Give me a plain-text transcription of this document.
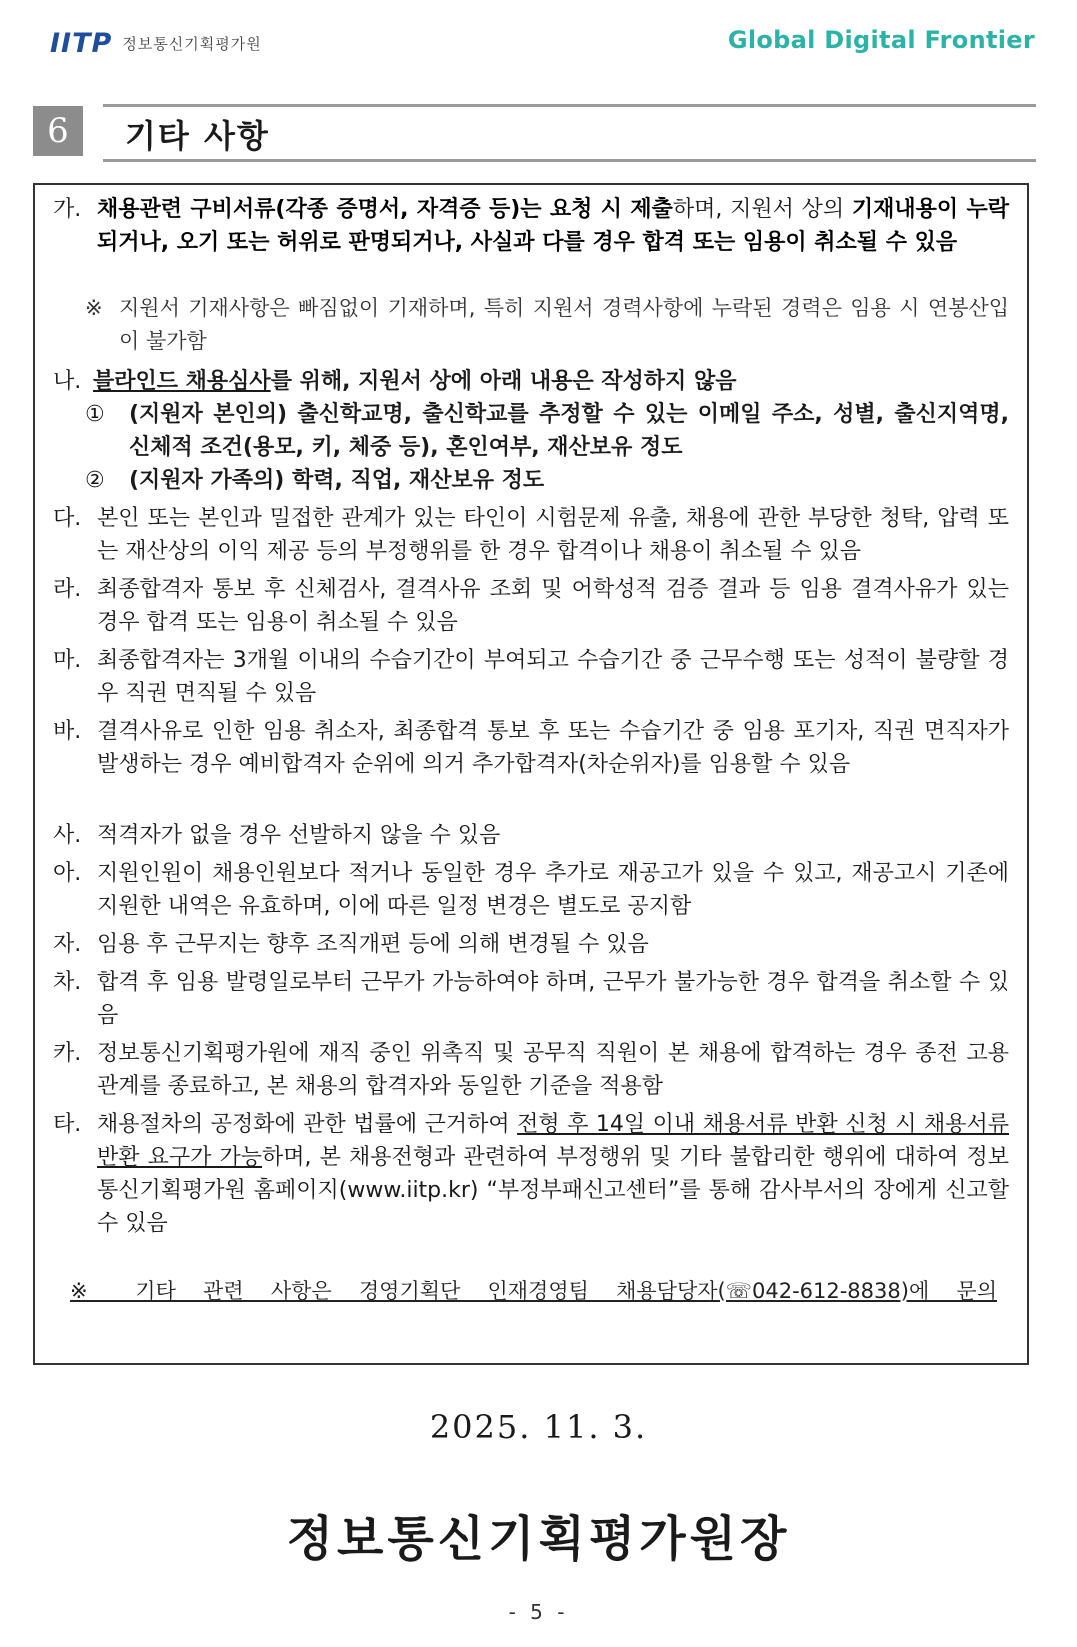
IITP 정보통신기획평가원	Global Digital Frontier
6	기타 사항
가. 채용관련 구비서류(각종 증명서, 자격증 등)는 요청 시 제출하며, 지원서 상의 기재내용이 누락되거나, 오기 또는 허위로 판명되거나, 사실과 다를 경우 합격 또는 임용이 취소될 수 있음
※ 지원서 기재사항은 빠짐없이 기재하며, 특히 지원서 경력사항에 누락된 경력은 임용 시 연봉산입이 불가함
나. 블라인드 채용심사를 위해, 지원서 상에 아래 내용은 작성하지 않음
①	(지원자 본인의) 출신학교명, 출신학교를 추정할 수 있는 이메일 주소, 성별, 출신지역명, 신체적 조건(용모, 키, 체중 등), 혼인여부, 재산보유 정도
②	(지원자 가족의) 학력, 직업, 재산보유 정도
다. 본인 또는 본인과 밀접한 관계가 있는 타인이 시험문제 유출, 채용에 관한 부당한 청탁, 압력 또는 재산상의 이익 제공 등의 부정행위를 한 경우 합격이나 채용이 취소될 수 있음
라. 최종합격자 통보 후 신체검사, 결격사유 조회 및 어학성적 검증 결과 등 임용 결격사유가 있는 경우 합격 또는 임용이 취소될 수 있음
마. 최종합격자는 3개월 이내의 수습기간이 부여되고 수습기간 중 근무수행 또는 성적이 불량할 경우 직권 면직될 수 있음
바. 결격사유로 인한 임용 취소자, 최종합격 통보 후 또는 수습기간 중 임용 포기자, 직권 면직자가 발생하는 경우 예비합격자 순위에 의거 추가합격자(차순위자)를 임용할 수 있음
사. 적격자가 없을 경우 선발하지 않을 수 있음
아. 지원인원이 채용인원보다 적거나 동일한 경우 추가로 재공고가 있을 수 있고, 재공고시 기존에 지원한 내역은 유효하며, 이에 따른 일정 변경은 별도로 공지함
자. 임용 후 근무지는 향후 조직개편 등에 의해 변경될 수 있음
차. 합격 후 임용 발령일로부터 근무가 가능하여야 하며, 근무가 불가능한 경우 합격을 취소할 수 있음
카. 정보통신기획평가원에 재직 중인 위촉직 및 공무직 직원이 본 채용에 합격하는 경우 종전 고용관계를 종료하고, 본 채용의 합격자와 동일한 기준을 적용함
타. 채용절차의 공정화에 관한 법률에 근거하여 전형 후 14일 이내 채용서류 반환 신청 시 채용서류 반환 요구가 가능하며, 본 채용전형과 관련하여 부정행위 및 기타 불합리한 행위에 대하여 정보통신기획평가원 홈페이지(www.iitp.kr) “부정부패신고센터”를 통해 감사부서의 장에게 신고할 수 있음
※ 기타 관련 사항은 경영기획단 인재경영팀 채용담당자(☏042-612-8838)에 문의
2025. 11. 3.
정보통신기획평가원장
- 5 -
